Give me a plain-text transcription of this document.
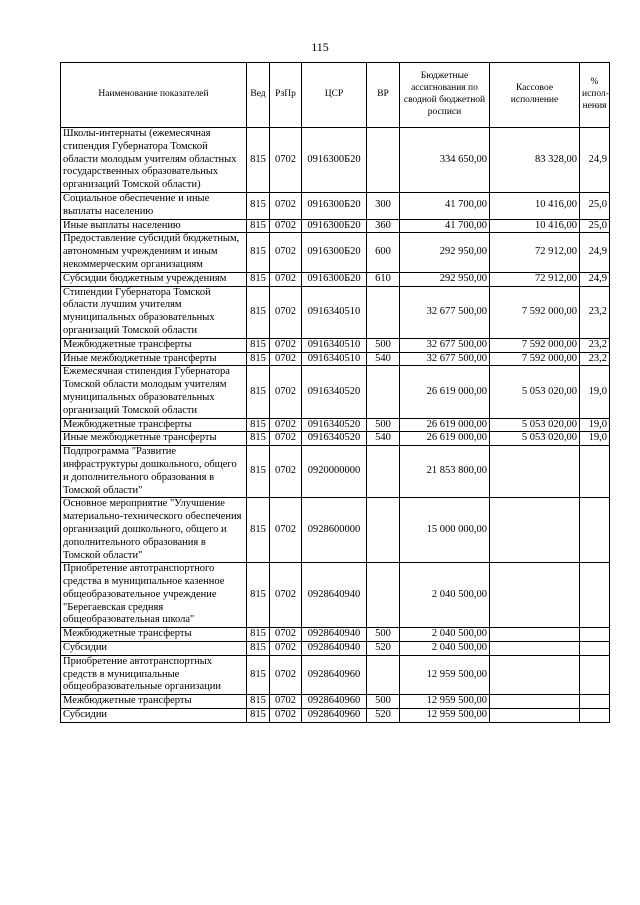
115
Наименование показателей	Вед	РзПр	ЦСР	ВР	Бюджетные ассигнования по сводной бюджетной росписи	Кассовое исполнение	% испол-нения
Школы-интернаты (ежемесячная стипендия Губернатора Томской области молодым учителям областных государственных образовательных организаций Томской области)	815	0702	0916300Б20		334 650,00	83 328,00	24,9
Социальное обеспечение и иные выплаты населению	815	0702	0916300Б20	300	41 700,00	10 416,00	25,0
Иные выплаты населению	815	0702	0916300Б20	360	41 700,00	10 416,00	25,0
Предоставление субсидий бюджетным, автономным учреждениям и иным некоммерческим организациям	815	0702	0916300Б20	600	292 950,00	72 912,00	24,9
Субсидии бюджетным учреждениям	815	0702	0916300Б20	610	292 950,00	72 912,00	24,9
Стипендии Губернатора Томской области лучшим учителям муниципальных образовательных организаций Томской области	815	0702	0916340510		32 677 500,00	7 592 000,00	23,2
Межбюджетные трансферты	815	0702	0916340510	500	32 677 500,00	7 592 000,00	23,2
Иные межбюджетные трансферты	815	0702	0916340510	540	32 677 500,00	7 592 000,00	23,2
Ежемесячная стипендия Губернатора Томской области молодым учителям муниципальных образовательных организаций Томской области	815	0702	0916340520		26 619 000,00	5 053 020,00	19,0
Межбюджетные трансферты	815	0702	0916340520	500	26 619 000,00	5 053 020,00	19,0
Иные межбюджетные трансферты	815	0702	0916340520	540	26 619 000,00	5 053 020,00	19,0
Подпрограмма "Развитие инфраструктуры дошкольного, общего и дополнительного образования в Томской области"	815	0702	0920000000		21 853 800,00		
Основное мероприятие "Улучшение материально-технического обеспечения организаций дошкольного, общего и дополнительного образования в Томской области"	815	0702	0928600000		15 000 000,00		
Приобретение автотранспортного средства в муниципальное казенное общеобразовательное учреждение "Берегаевская средняя общеобразовательная школа"	815	0702	0928640940		2 040 500,00		
Межбюджетные трансферты	815	0702	0928640940	500	2 040 500,00		
Субсидии	815	0702	0928640940	520	2 040 500,00		
Приобретение автотранспортных средств в муниципальные общеобразовательные организации	815	0702	0928640960		12 959 500,00		
Межбюджетные трансферты	815	0702	0928640960	500	12 959 500,00		
Субсидии	815	0702	0928640960	520	12 959 500,00		
